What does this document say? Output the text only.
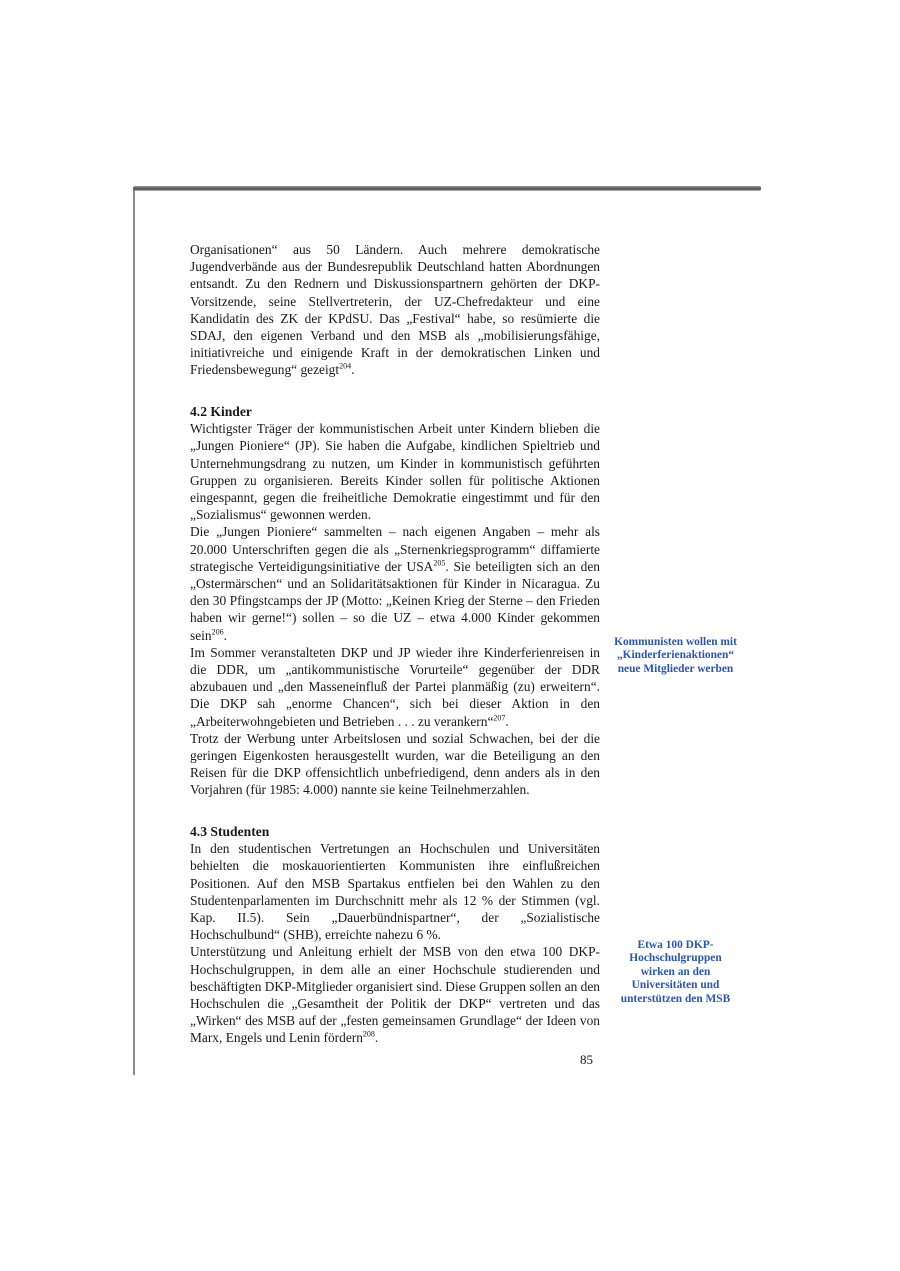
Organisationen“ aus 50 Ländern. Auch mehrere demokratische Jugendverbände aus der Bundesrepublik Deutschland hatten Abordnungen entsandt. Zu den Rednern und Diskussionspartnern gehörten der DKP-Vorsitzende, seine Stellvertreterin, der UZ-Chefredakteur und eine Kandidatin des ZK der KPdSU. Das „Festival“ habe, so resümierte die SDAJ, den eigenen Verband und den MSB als „mobilisierungsfähige, initiativreiche und einigende Kraft in der demokratischen Linken und Friedensbewegung“ gezeigt$^{204}$.

4.2 Kinder

Wichtigster Träger der kommunistischen Arbeit unter Kindern blieben die „Jungen Pioniere“ (JP). Sie haben die Aufgabe, kindlichen Spieltrieb und Unternehmungsdrang zu nutzen, um Kinder in kommunistisch geführten Gruppen zu organisieren. Bereits Kinder sollen für politische Aktionen eingespannt, gegen die freiheitliche Demokratie eingestimmt und für den „Sozialismus“ gewonnen werden.

Die „Jungen Pioniere“ sammelten – nach eigenen Angaben – mehr als 20.000 Unterschriften gegen die als „Sternenkriegsprogramm“ diffamierte strategische Verteidigungsinitiative der USA$^{205}$. Sie beteiligten sich an den „Ostermärschen“ und an Solidaritätsaktionen für Kinder in Nicaragua. Zu den 30 Pfingstcamps der JP (Motto: „Keinen Krieg der Sterne – den Frieden haben wir gerne!“) sollen – so die UZ – etwa 4.000 Kinder gekommen sein$^{206}$.

Im Sommer veranstalteten DKP und JP wieder ihre Kinderferienreisen in die DDR, um „antikommunistische Vorurteile“ gegenüber der DDR abzubauen und „den Masseneinfluß der Partei planmäßig (zu) erweitern“. Die DKP sah „enorme Chancen“, sich bei dieser Aktion in den „Arbeiterwohngebieten und Betrieben . . . zu verankern“$^{207}$.

Trotz der Werbung unter Arbeitslosen und sozial Schwachen, bei der die geringen Eigenkosten herausgestellt wurden, war die Beteiligung an den Reisen für die DKP offensichtlich unbefriedigend, denn anders als in den Vorjahren (für 1985: 4.000) nannte sie keine Teilnehmerzahlen.

4.3 Studenten

In den studentischen Vertretungen an Hochschulen und Universitäten behielten die moskauorientierten Kommunisten ihre einflußreichen Positionen. Auf den MSB Spartakus entfielen bei den Wahlen zu den Studentenparlamenten im Durchschnitt mehr als 12 % der Stimmen (vgl. Kap. II.5). Sein „Dauerbündnispartner“, der „Sozialistische Hochschulbund“ (SHB), erreichte nahezu 6 %.

Unterstützung und Anleitung erhielt der MSB von den etwa 100 DKP-Hochschulgruppen, in dem alle an einer Hochschule studierenden und beschäftigten DKP-Mitglieder organisiert sind. Diese Gruppen sollen an den Hochschulen die „Gesamtheit der Politik der DKP“ vertreten und das „Wirken“ des MSB auf der „festen gemeinsamen Grundlage“ der Ideen von Marx, Engels und Lenin fördern$^{208}$.

Kommunisten wollen mit „Kinderferienaktionen“ neue Mitglieder werben
Etwa 100 DKP-Hochschulgruppen wirken an den Universitäten und unterstützen den MSB
85
